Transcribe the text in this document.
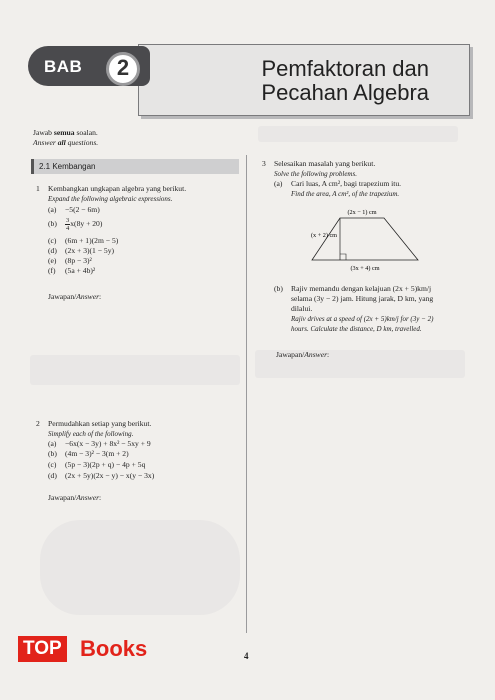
Pemfaktoran dan
Pecahan Algebra
BAB	2
Jawab semua soalan.
Answer all questions.
2.1 Kembangan
1 Kembangkan ungkapan algebra yang berikut.
Expand the following algebraic expressions.
(a) −5(2 − 6m)
$(b) \frac{3}{4} x(8y + 20)$
(c) (6m + 1)(2m − 5)
(d) (2x + 3)(1 − 5y)
(e) (8p − 3)²
(f) (5a + 4b)²
Jawapan/Answer:
2 Permudahkan setiap yang berikut.
Simplify each of the following.
(a) −6x(x − 3y) + 8x² − 5xy + 9
(b) (4m − 3)² − 3(m + 2)
(c) (5p − 3)(2p + q) − 4p + 5q
(d) (2x + 5y)(2x − y) − x(y − 3x)
Jawapan/Answer:
3 Selesaikan masalah yang berikut.
Solve the following problems.
(a) Cari luas, A cm², bagi trapezium itu.
Find the area, A cm², of the trapezium.
(2x − 1) cm
(x + 2) cm
(3x + 4) cm
(b) Rajiv memandu dengan kelajuan (2x + 5)km/j
selama (3y − 2) jam. Hitung jarak, D km, yang
dilalui.
Rajiv drives at a speed of (2x + 5)km/j for (3y − 2)
hours. Calculate the distance, D km, travelled.
Jawapan/Answer:
4
TOP Books
